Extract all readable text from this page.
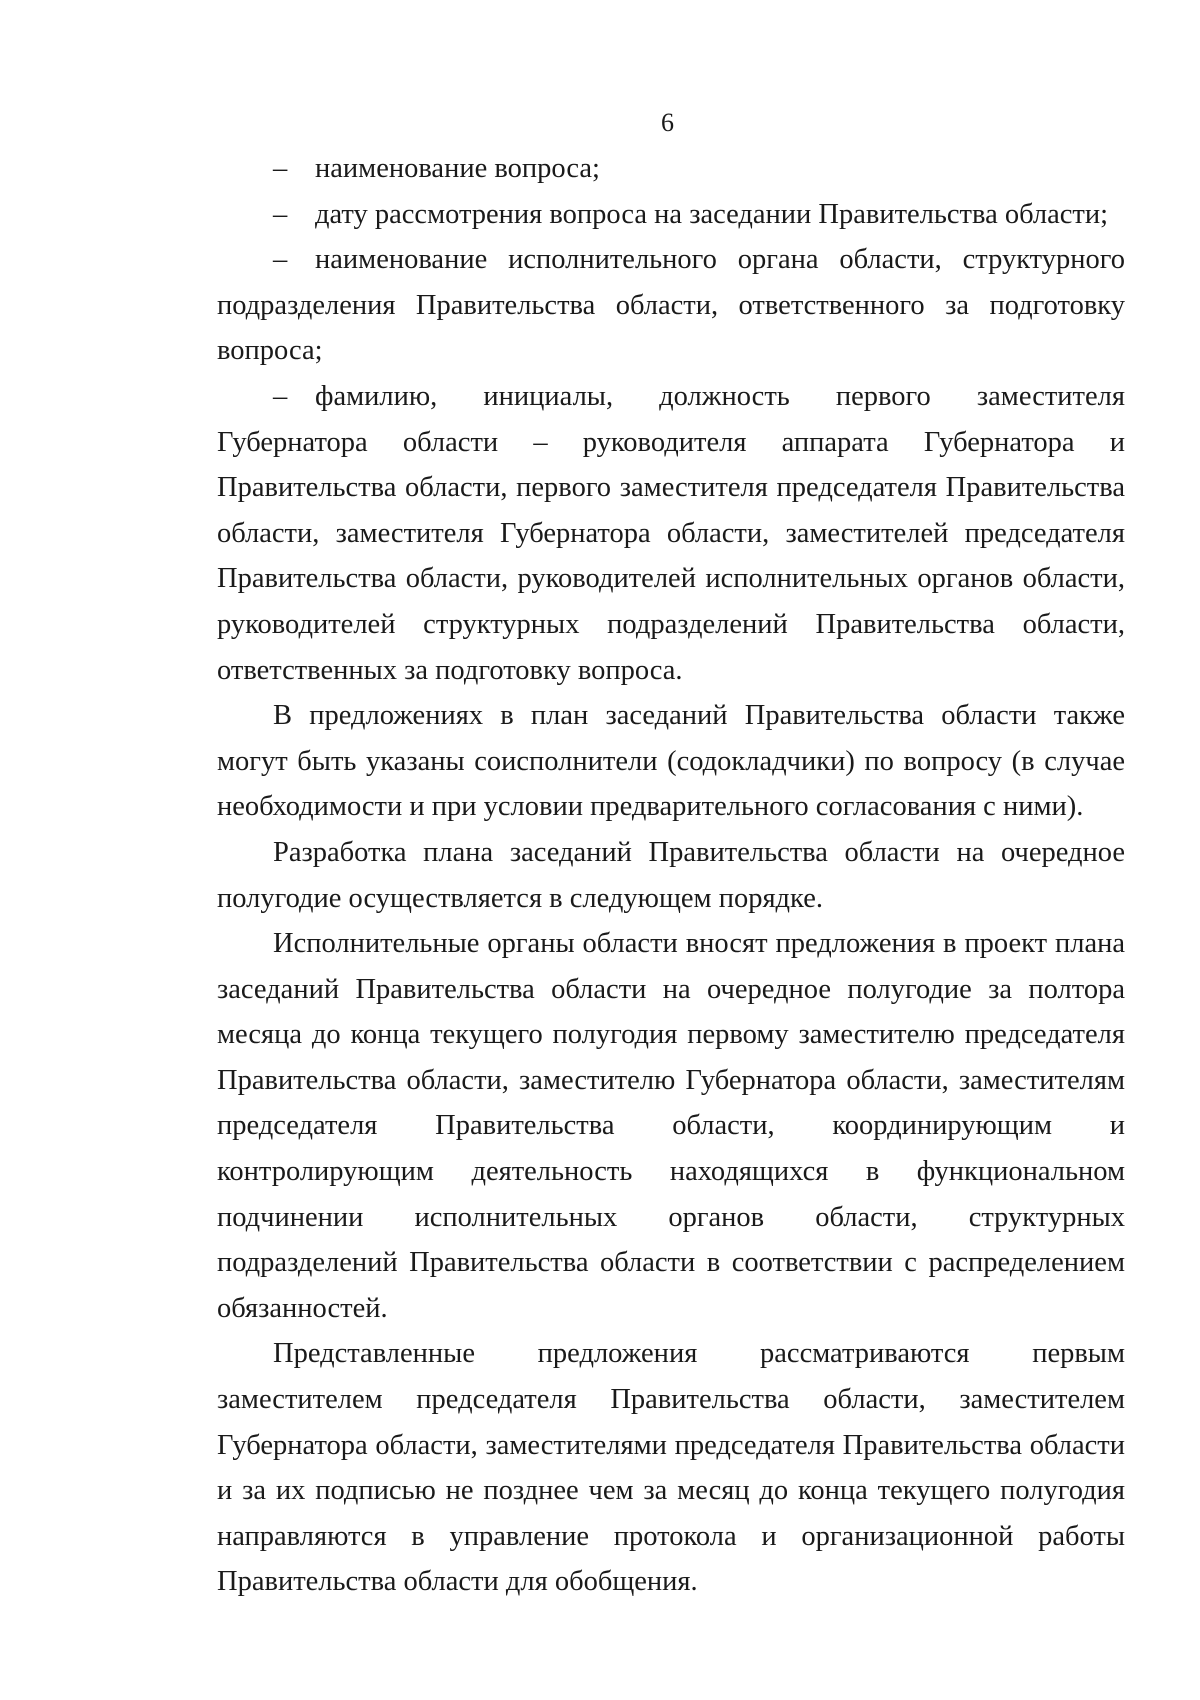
6

– наименование вопроса;

– дату рассмотрения вопроса на заседании Правительства области;

– наименование исполнительного органа области, структурного подразделения Правительства области, ответственного за подготовку вопроса;

– фамилию, инициалы, должность первого заместителя Губернатора области – руководителя аппарата Губернатора и Правительства области, первого заместителя председателя Правительства области, заместителя Губернатора области, заместителей председателя Правительства области, руководителей исполнительных органов области, руководителей структурных подразделений Правительства области, ответственных за подготовку вопроса.

В предложениях в план заседаний Правительства области также могут быть указаны соисполнители (содокладчики) по вопросу (в случае необходимости и при условии предварительного согласования с ними).

Разработка плана заседаний Правительства области на очередное полугодие осуществляется в следующем порядке.

Исполнительные органы области вносят предложения в проект плана заседаний Правительства области на очередное полугодие за полтора месяца до конца текущего полугодия первому заместителю председателя Правительства области, заместителю Губернатора области, заместителям председателя Правительства области, координирующим и контролирующим деятельность находящихся в функциональном подчинении исполнительных органов области, структурных подразделений Правительства области в соответствии с распределением обязанностей.

Представленные предложения рассматриваются первым заместителем председателя Правительства области, заместителем Губернатора области, заместителями председателя Правительства области и за их подписью не позднее чем за месяц до конца текущего полугодия направляются в управление протокола и организационной работы Правительства области для обобщения.
